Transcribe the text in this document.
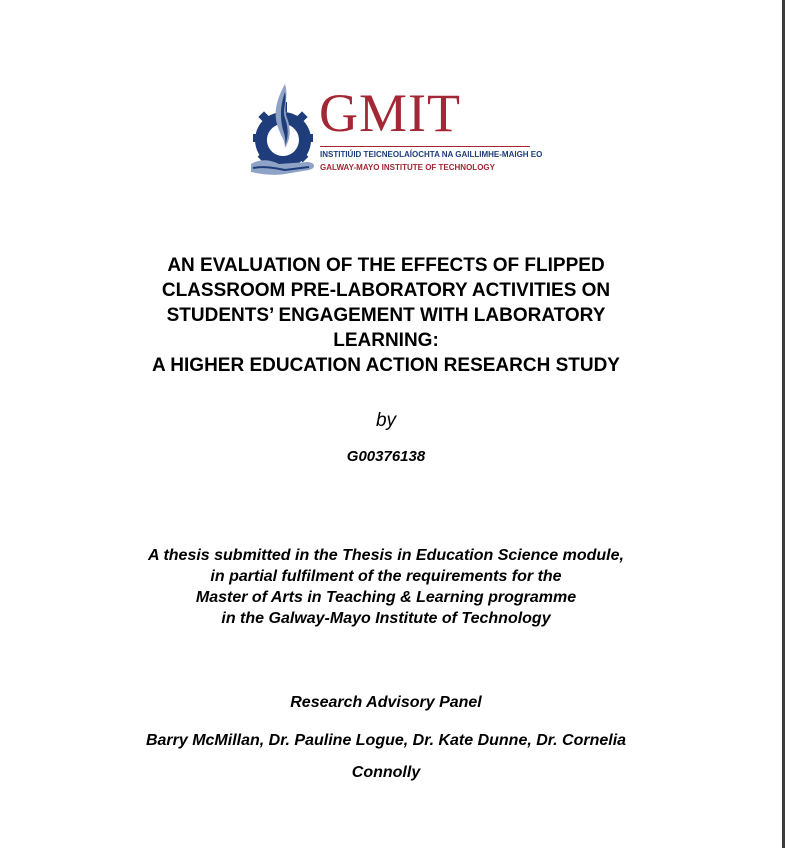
GMIT
INSTITIÚID TEICNEOLAÍOCHTA NA GAILLIMHE-MAIGH EO
GALWAY-MAYO INSTITUTE OF TECHNOLOGY
AN EVALUATION OF THE EFFECTS OF FLIPPED
CLASSROOM PRE-LABORATORY ACTIVITIES ON
STUDENTS’ ENGAGEMENT WITH LABORATORY
LEARNING:
A HIGHER EDUCATION ACTION RESEARCH STUDY
by
G00376138
A thesis submitted in the Thesis in Education Science module,
in partial fulfilment of the requirements for the
Master of Arts in Teaching & Learning programme
in the Galway-Mayo Institute of Technology
Research Advisory Panel
Barry McMillan, Dr. Pauline Logue, Dr. Kate Dunne, Dr. Cornelia
Connolly
